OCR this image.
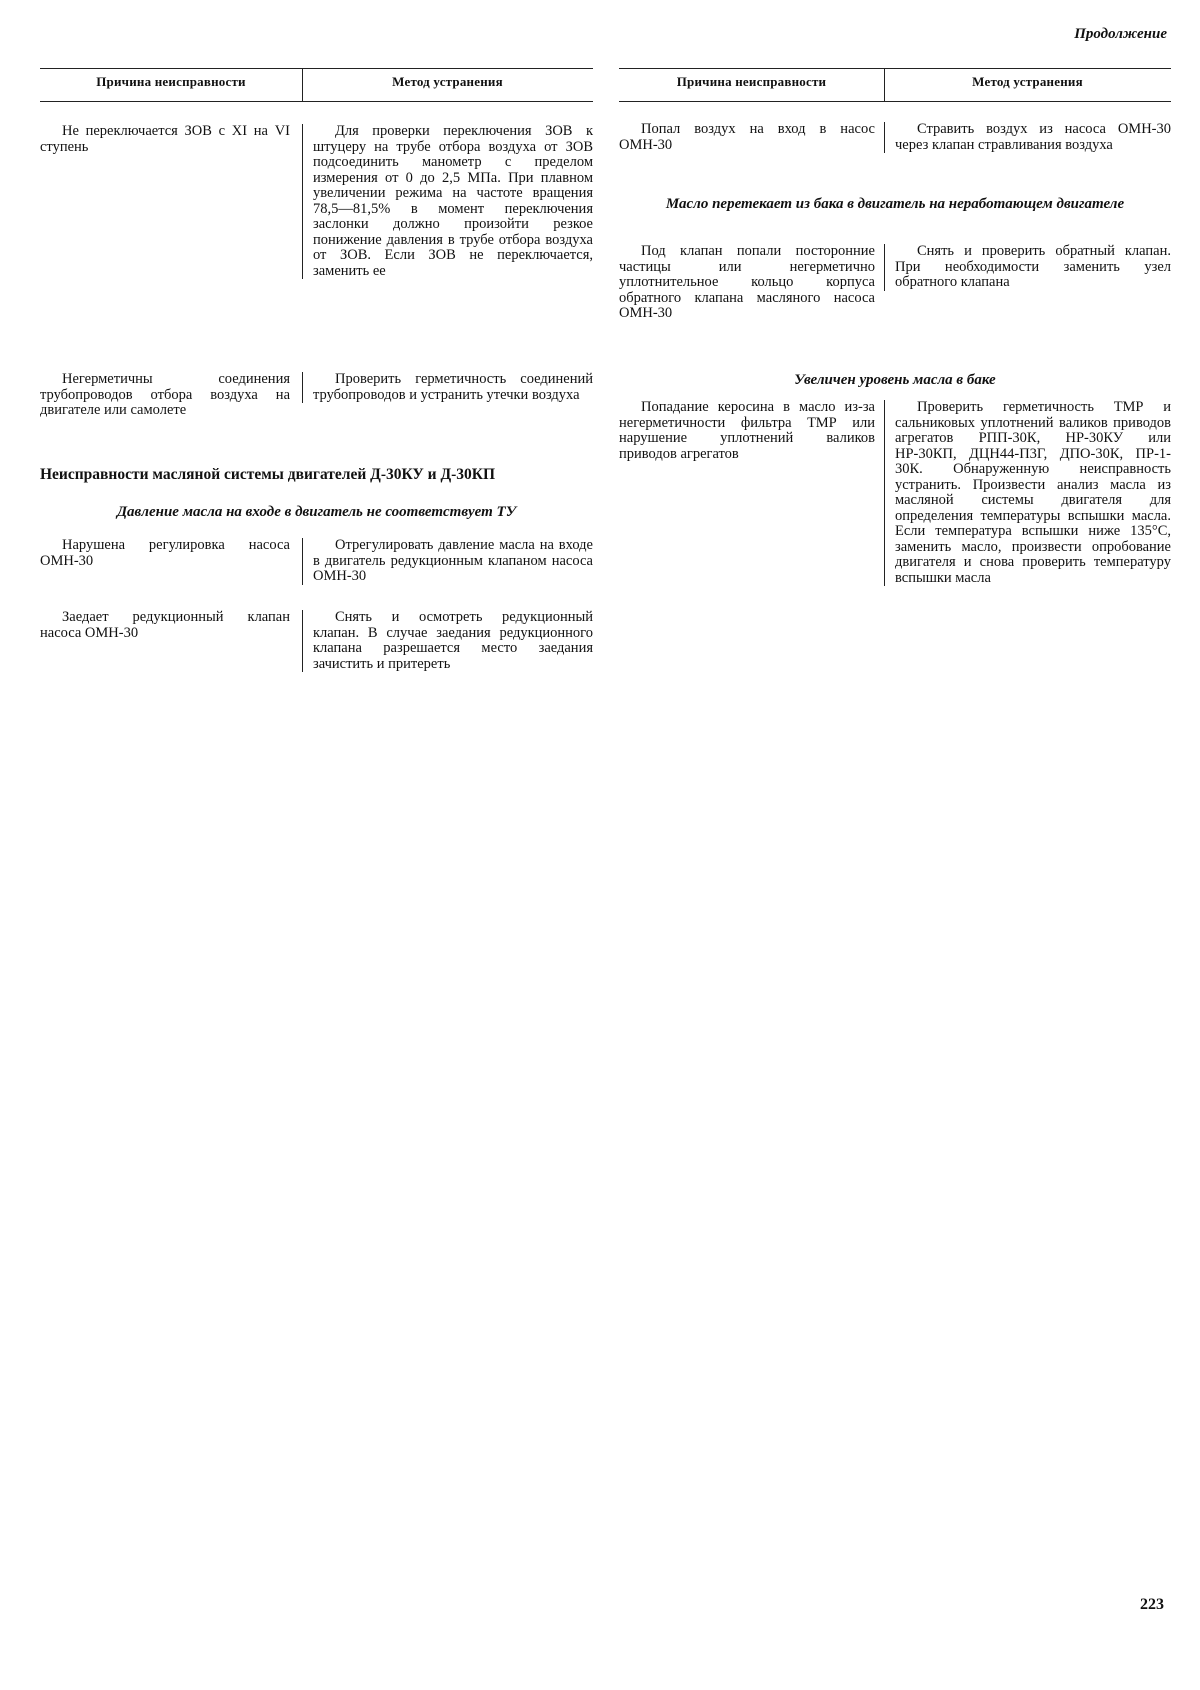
Продолжение
Причина неисправности	Метод устранения
Не переключается ЗОВ с XI на VI ступень
Для проверки переключения ЗОВ к штуцеру на трубе отбора воздуха от ЗОВ подсоединить манометр с пределом измерения от 0 до 2,5 МПа. При плавном увеличении режима на частоте вращения 78,5—81,5% в момент переключения заслонки должно произойти резкое понижение давления в трубе отбора воздуха от ЗОВ. Если ЗОВ не переключается, заменить ее
Негерметичны соединения трубопроводов отбора воздуха на двигателе или самолете
Проверить герметичность соединений трубопроводов и устранить утечки воздуха
Неисправности масляной системы двигателей Д-30КУ и Д-30КП
Давление масла на входе в двигатель не соответствует ТУ
Нарушена регулировка насоса ОМН-30
Отрегулировать давление масла на входе в двигатель редукционным клапаном насоса ОМН-30
Заедает редукционный клапан насоса ОМН-30
Снять и осмотреть редукционный клапан. В случае заедания редукционного клапана разрешается место заедания зачистить и притереть
Причина неисправности	Метод устранения
Попал воздух на вход в насос ОМН-30
Стравить воздух из насоса ОМН-30 через клапан стравливания воздуха
Масло перетекает из бака в двигатель на неработающем двигателе
Под клапан попали посторонние частицы или негерметично уплотнительное кольцо корпуса обратного клапана масляного насоса ОМН-30
Снять и проверить обратный клапан. При необходимости заменить узел обратного клапана
Увеличен уровень масла в баке
Попадание керосина в масло из-за негерметичности фильтра ТМР или нарушение уплотнений валиков приводов агрегатов
Проверить герметичность ТМР и сальниковых уплотнений валиков приводов агрегатов РПП-30К, НР-30КУ или НР-30КП, ДЦН44-П3Г, ДПО-30К, ПР-1-30К. Обнаруженную неисправность устранить. Произвести анализ масла из масляной системы двигателя для определения температуры вспышки масла. Если температура вспышки ниже 135°С, заменить масло, произвести опробование двигателя и снова проверить температуру вспышки масла
223
